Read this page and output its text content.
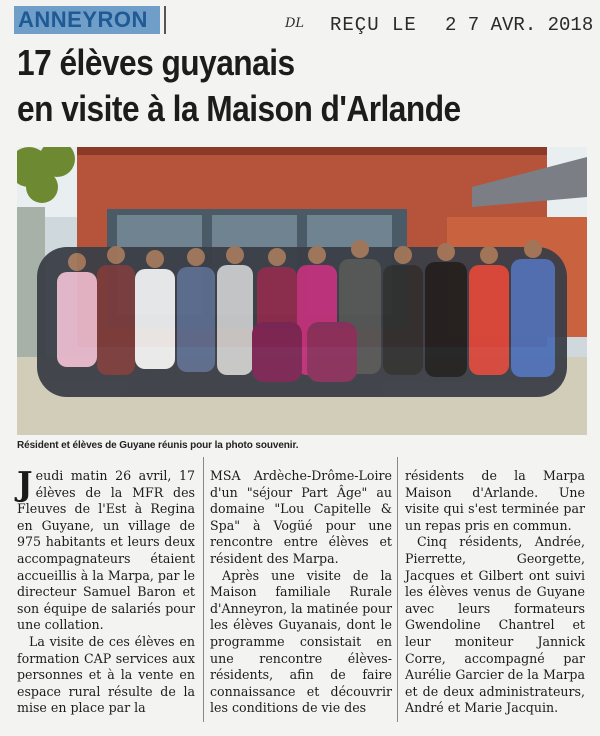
ANNEYRON	DL REÇU LE 2 7 AVR. 2018
17 élèves guyanais
en visite à la Maison d'Arlande
Résident et élèves de Guyane réunis pour la photo souvenir.

Jeudi matin 26 avril, 17 élèves de la MFR des Fleuves de l'Est à Regina en Guyane, un village de 975 habitants et leurs deux accompagnateurs étaient accueillis à la Marpa, par le directeur Samuel Baron et son équipe de salariés pour une collation.

La visite de ces élèves en formation CAP services aux personnes et à la vente en espace rural résulte de la mise en place par la

MSA Ardèche-Drôme-Loire d'un "séjour Part Âge" au domaine "Lou Capitelle & Spa" à Vogüé pour une rencontre entre élèves et résident des Marpa.

Après une visite de la Maison familiale Rurale d'Anneyron, la matinée pour les élèves Guyanais, dont le programme consistait en une rencontre élèves-résidents, afin de faire connaissance et découvrir les conditions de vie des

résidents de la Marpa Maison d'Arlande. Une visite qui s'est terminée par un repas pris en commun.

Cinq résidents, Andrée, Pierrette, Georgette, Jacques et Gilbert ont suivi les élèves venus de Guyane avec leurs formateurs Gwendoline Chantrel et leur moniteur Jannick Corre, accompagné par Aurélie Garcier de la Marpa et de deux administrateurs, André et Marie Jacquin.
